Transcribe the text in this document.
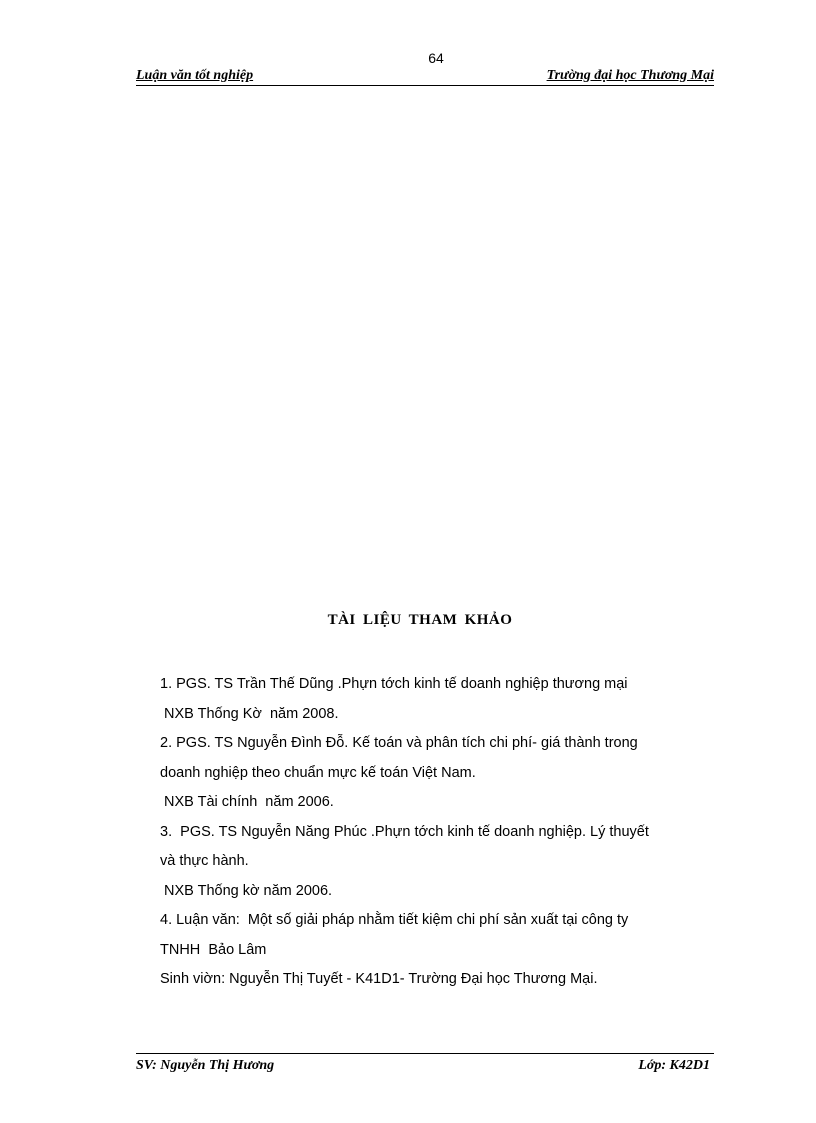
64
Luận văn tốt nghiệp	Trường đại học Thương Mại
TÀI LIỆU THAM KHẢO
1. PGS. TS Trần Thế Dũng .Phựn tớch kinh tế doanh nghiệp thương mại
NXB Thống Kờ  năm 2008.
2. PGS. TS Nguyễn Đình Đỗ. Kế toán và phân tích chi phí- giá thành trong
doanh nghiệp theo chuẩn mực kế toán Việt Nam.
NXB Tài chính  năm 2006.
3.  PGS. TS Nguyễn Năng Phúc .Phựn tớch kinh tế doanh nghiệp. Lý thuyết
và thực hành.
NXB Thống kờ năm 2006.
4. Luận văn:  Một số giải pháp nhằm tiết kiệm chi phí sản xuất tại công ty
TNHH  Bảo Lâm
Sinh viờn: Nguyễn Thị Tuyết - K41D1- Trường Đại học Thương Mại.
SV: Nguyễn Thị Hương	Lớp: K42D1
